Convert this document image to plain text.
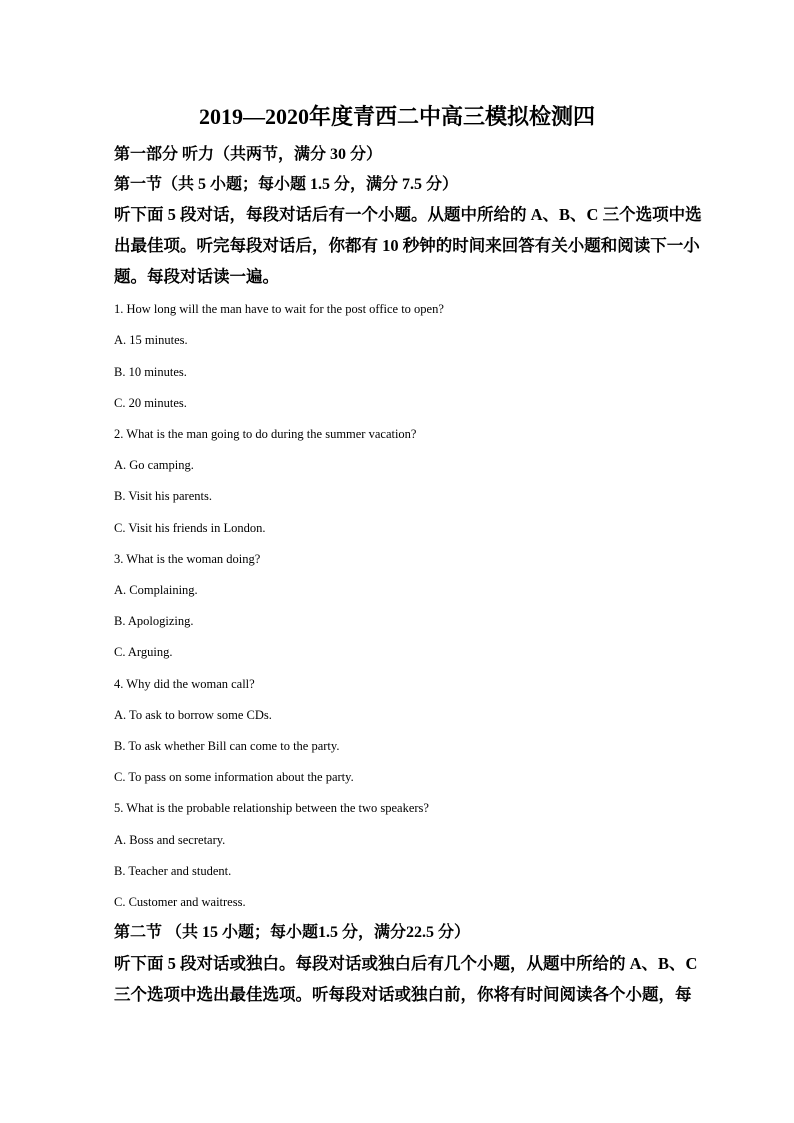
2019—2020年度青西二中高三模拟检测四
第一部分 听力（共两节，满分 30 分）
第一节（共 5 小题；每小题 1.5 分，满分 7.5 分）
听下面 5 段对话，每段对话后有一个小题。从题中所给的 A、B、C 三个选项中选
出最佳项。听完每段对话后，你都有 10 秒钟的时间来回答有关小题和阅读下一小
题。每段对话读一遍。
1. How long will the man have to wait for the post office to open?
A. 15 minutes.
B. 10 minutes.
C. 20 minutes.
2. What is the man going to do during the summer vacation?
A. Go camping.
B. Visit his parents.
C. Visit his friends in London.
3. What is the woman doing?
A. Complaining.
B. Apologizing.
C. Arguing.
4. Why did the woman call?
A. To ask to borrow some CDs.
B. To ask whether Bill can come to the party.
C. To pass on some information about the party.
5. What is the probable relationship between the two speakers?
A. Boss and secretary.
B. Teacher and student.
C. Customer and waitress.
第二节 （共 15 小题；每小题1.5 分，满分22.5 分）
听下面 5 段对话或独白。每段对话或独白后有几个小题，从题中所给的 A、B、C
三个选项中选出最佳选项。听每段对话或独白前，你将有时间阅读各个小题，每
